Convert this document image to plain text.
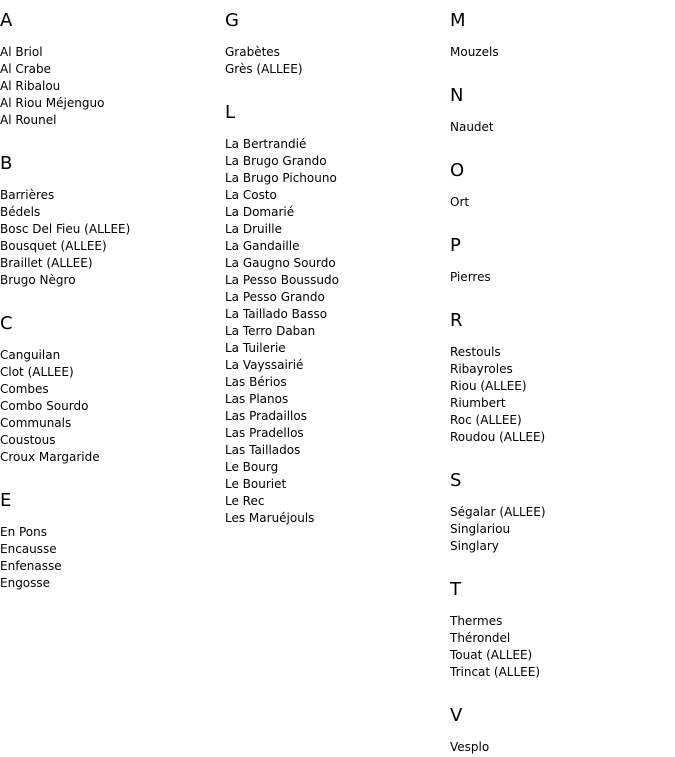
A
Al Briol
Al Crabe
Al Ribalou
Al Riou Méjenguo
Al Rounel
B
Barrières
Bédels
Bosc Del Fieu (ALLEE)
Bousquet (ALLEE)
Braillet (ALLEE)
Brugo Nègro
C
Canguilan
Clot (ALLEE)
Combes
Combo Sourdo
Communals
Coustous
Croux Margaride
E
En Pons
Encausse
Enfenasse
Engosse
G
Grabètes
Grès (ALLEE)
L
La Bertrandié
La Brugo Grando
La Brugo Pichouno
La Costo
La Domarié
La Druille
La Gandaille
La Gaugno Sourdo
La Pesso Boussudo
La Pesso Grando
La Taillado Basso
La Terro Daban
La Tuilerie
La Vayssairié
Las Bérios
Las Planos
Las Pradaillos
Las Pradellos
Las Taillados
Le Bourg
Le Bouriet
Le Rec
Les Maruéjouls
M
Mouzels
N
Naudet
O
Ort
P
Pierres
R
Restouls
Ribayroles
Riou (ALLEE)
Riumbert
Roc (ALLEE)
Roudou (ALLEE)
S
Ségalar (ALLEE)
Singlariou
Singlary
T
Thermes
Thérondel
Touat (ALLEE)
Trincat (ALLEE)
V
Vesplo
